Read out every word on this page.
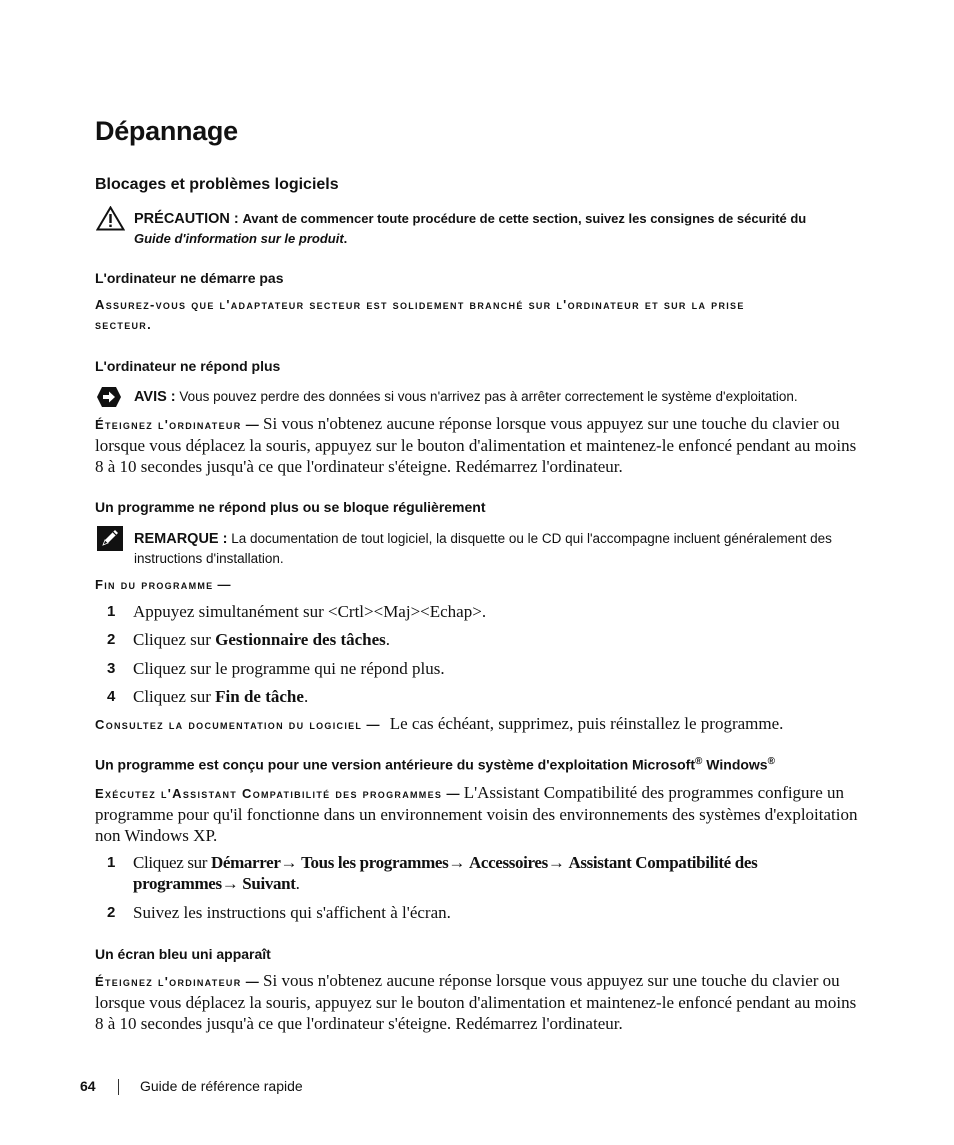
Dépannage
Blocages et problèmes logiciels
PRÉCAUTION : Avant de commencer toute procédure de cette section, suivez les consignes de sécurité du
Guide d'information sur le produit.
L'ordinateur ne démarre pas
Assurez-vous que l'adaptateur secteur est solidement branché sur l'ordinateur et sur la prise
secteur.
L'ordinateur ne répond plus
AVIS : Vous pouvez perdre des données si vous n'arrivez pas à arrêter correctement le système d'exploitation.
Éteignez l'ordinateur — Si vous n'obtenez aucune réponse lorsque vous appuyez sur une touche du clavier ou lorsque vous déplacez la souris, appuyez sur le bouton d'alimentation et maintenez-le enfoncé pendant au moins 8 à 10 secondes jusqu'à ce que l'ordinateur s'éteigne. Redémarrez l'ordinateur.
Un programme ne répond plus ou se bloque régulièrement
REMARQUE : La documentation de tout logiciel, la disquette ou le CD qui l'accompagne incluent généralement des instructions d'installation.
Fin du programme —
1 Appuyez simultanément sur <Crtl><Maj><Echap>.
2 Cliquez sur Gestionnaire des tâches.
3 Cliquez sur le programme qui ne répond plus.
4 Cliquez sur Fin de tâche.
Consultez la documentation du logiciel — Le cas échéant, supprimez, puis réinstallez le programme.
Un programme est conçu pour une version antérieure du système d'exploitation Microsoft® Windows®
Exécutez l'Assistant Compatibilité des programmes — L'Assistant Compatibilité des programmes configure un programme pour qu'il fonctionne dans un environnement voisin des environnements des systèmes d'exploitation non Windows XP.
1 Cliquez sur Démarrer→ Tous les programmes→ Accessoires→ Assistant Compatibilité des programmes→ Suivant.
2 Suivez les instructions qui s'affichent à l'écran.
Un écran bleu uni apparaît
Éteignez l'ordinateur — Si vous n'obtenez aucune réponse lorsque vous appuyez sur une touche du clavier ou lorsque vous déplacez la souris, appuyez sur le bouton d'alimentation et maintenez-le enfoncé pendant au moins 8 à 10 secondes jusqu'à ce que l'ordinateur s'éteigne. Redémarrez l'ordinateur.
64	Guide de référence rapide
